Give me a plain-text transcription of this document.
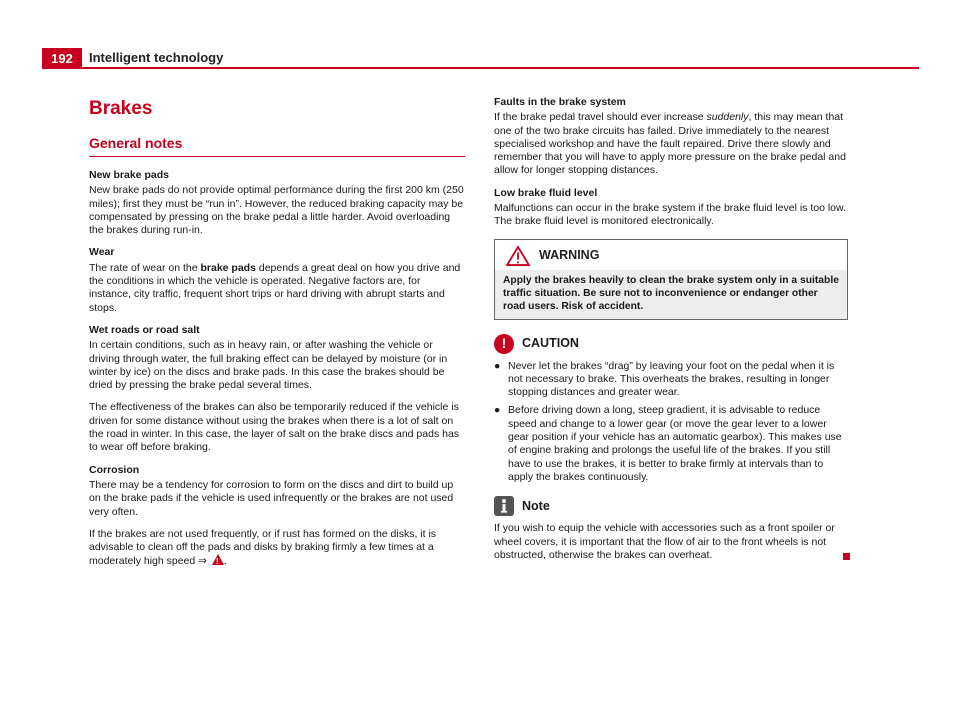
192	Intelligent technology
Brakes
General notes
New brake pads

New brake pads do not provide optimal performance during the first 200 km (250 miles); first they must be “run in”. However, the reduced braking capacity may be compensated by pressing on the brake pedal a little harder. Avoid overloading the brakes during run-in.

Wear

The rate of wear on the brake pads depends a great deal on how you drive and the conditions in which the vehicle is operated. Negative factors are, for instance, city traffic, frequent short trips or hard driving with abrupt starts and stops.

Wet roads or road salt

In certain conditions, such as in heavy rain, or after washing the vehicle or driving through water, the full braking effect can be delayed by moisture (or in winter by ice) on the discs and brake pads. In this case the brakes should be dried by pressing the brake pedal several times.

The effectiveness of the brakes can also be temporarily reduced if the vehicle is driven for some distance without using the brakes when there is a lot of salt on the road in winter. In this case, the layer of salt on the brake discs and pads has to wear off before braking.

Corrosion

There may be a tendency for corrosion to form on the discs and dirt to build up on the brake pads if the vehicle is used infrequently or the brakes are not used very often.

If the brakes are not used frequently, or if rust has formed on the disks, it is advisable to clean off the pads and disks by braking firmly a few times at a moderately high speed ⇒ !.

Faults in the brake system

If the brake pedal travel should ever increase suddenly, this may mean that one of the two brake circuits has failed. Drive immediately to the nearest specialised workshop and have the fault repaired. Drive there slowly and remember that you will have to apply more pressure on the brake pedal and allow for longer stopping distances.

Low brake fluid level

Malfunctions can occur in the brake system if the brake fluid level is too low. The brake fluid level is monitored electronically.

WARNING
Apply the brakes heavily to clean the brake system only in a suitable traffic situation. Be sure not to inconvenience or endanger other road users. Risk of accident.
!	CAUTION
● Never let the brakes “drag” by leaving your foot on the pedal when it is not necessary to brake. This overheats the brakes, resulting in longer stopping distances and greater wear.
● Before driving down a long, steep gradient, it is advisable to reduce speed and change to a lower gear (or move the gear lever to a lower gear position if your vehicle has an automatic gearbox). This makes use of engine braking and prolongs the useful life of the brakes. If you still have to use the brakes, it is better to brake firmly at intervals than to apply the brakes continuously.
Note

If you wish to equip the vehicle with accessories such as a front spoiler or wheel covers, it is important that the flow of air to the front wheels is not obstructed, otherwise the brakes can overheat.
